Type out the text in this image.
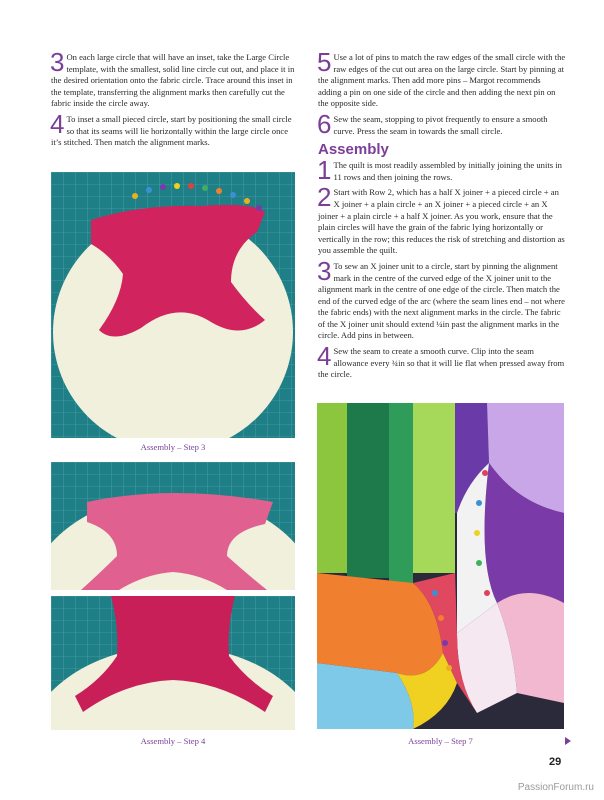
3 On each large circle that will have an inset, take the Large Circle template, with the smallest, solid line circle cut out, and place it in the desired orientation onto the fabric circle. Trace around this inset in the template, transferring the alignment marks then carefully cut the fabric inside the circle away.

4 To inset a small pieced circle, start by positioning the small circle so that its seams will lie horizontally within the large circle once it’s stitched. Then match the alignment marks.

5 Use a lot of pins to match the raw edges of the small circle with the raw edges of the cut out area on the large circle. Start by pinning at the alignment marks. Then add more pins – Margot recommends adding a pin on one side of the circle and then adding the next pin on the opposite side.

6 Sew the seam, stopping to pivot frequently to ensure a smooth curve. Press the seam in towards the small circle.

Assembly

1 The quilt is most readily assembled by initially joining the units in 11 rows and then joining the rows.

2 Start with Row 2, which has a half X joiner + a pieced circle + an X joiner + a plain circle + an X joiner + a pieced circle + an X joiner + a plain circle + a half X joiner. As you work, ensure that the plain circles will have the grain of the fabric lying horizontally or vertically in the row; this reduces the risk of stretching and distortion as you assemble the quilt.

3 To sew an X joiner unit to a circle, start by pinning the alignment mark in the centre of the curved edge of the X joiner unit to the alignment mark in the centre of one edge of the circle. Then match the end of the curved edge of the arc (where the seam lines end – not where the fabric ends) with the next alignment marks in the circle. The fabric of the X joiner unit should extend ¼in past the alignment marks in the circle. Add pins in between.

4 Sew the seam to create a smooth curve. Clip into the seam allowance every ¾in so that it will lie flat when pressed away from the circle.

Assembly – Step 3
Assembly – Step 4	Assembly – Step 7
29
PassionForum.ru
